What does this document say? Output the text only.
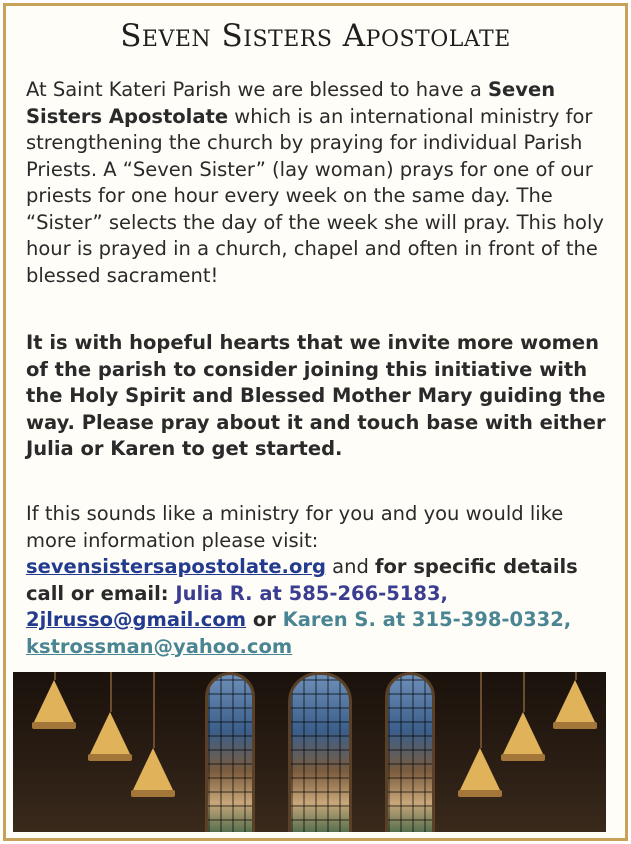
Seven Sisters Apostolate
At Saint Kateri Parish we are blessed to have a Seven Sisters Apostolate which is an international ministry for strengthening the church by praying for individual Parish Priests. A “Seven Sister” (lay woman) prays for one of our priests for one hour every week on the same day. The “Sister” selects the day of the week she will pray. This holy hour is prayed in a church, chapel and often in front of the blessed sacrament!
It is with hopeful hearts that we invite more women of the parish to consider joining this initiative with the Holy Spirit and Blessed Mother Mary guiding the way. Please pray about it and touch base with either Julia or Karen to get started.
If this sounds like a ministry for you and you would like more information please visit: sevensistersapostolate.org and for specific details call or email: Julia R. at 585-266-5183, 2jlrusso@gmail.com or Karen S. at 315-398-0332, kstrossman@yahoo.com
